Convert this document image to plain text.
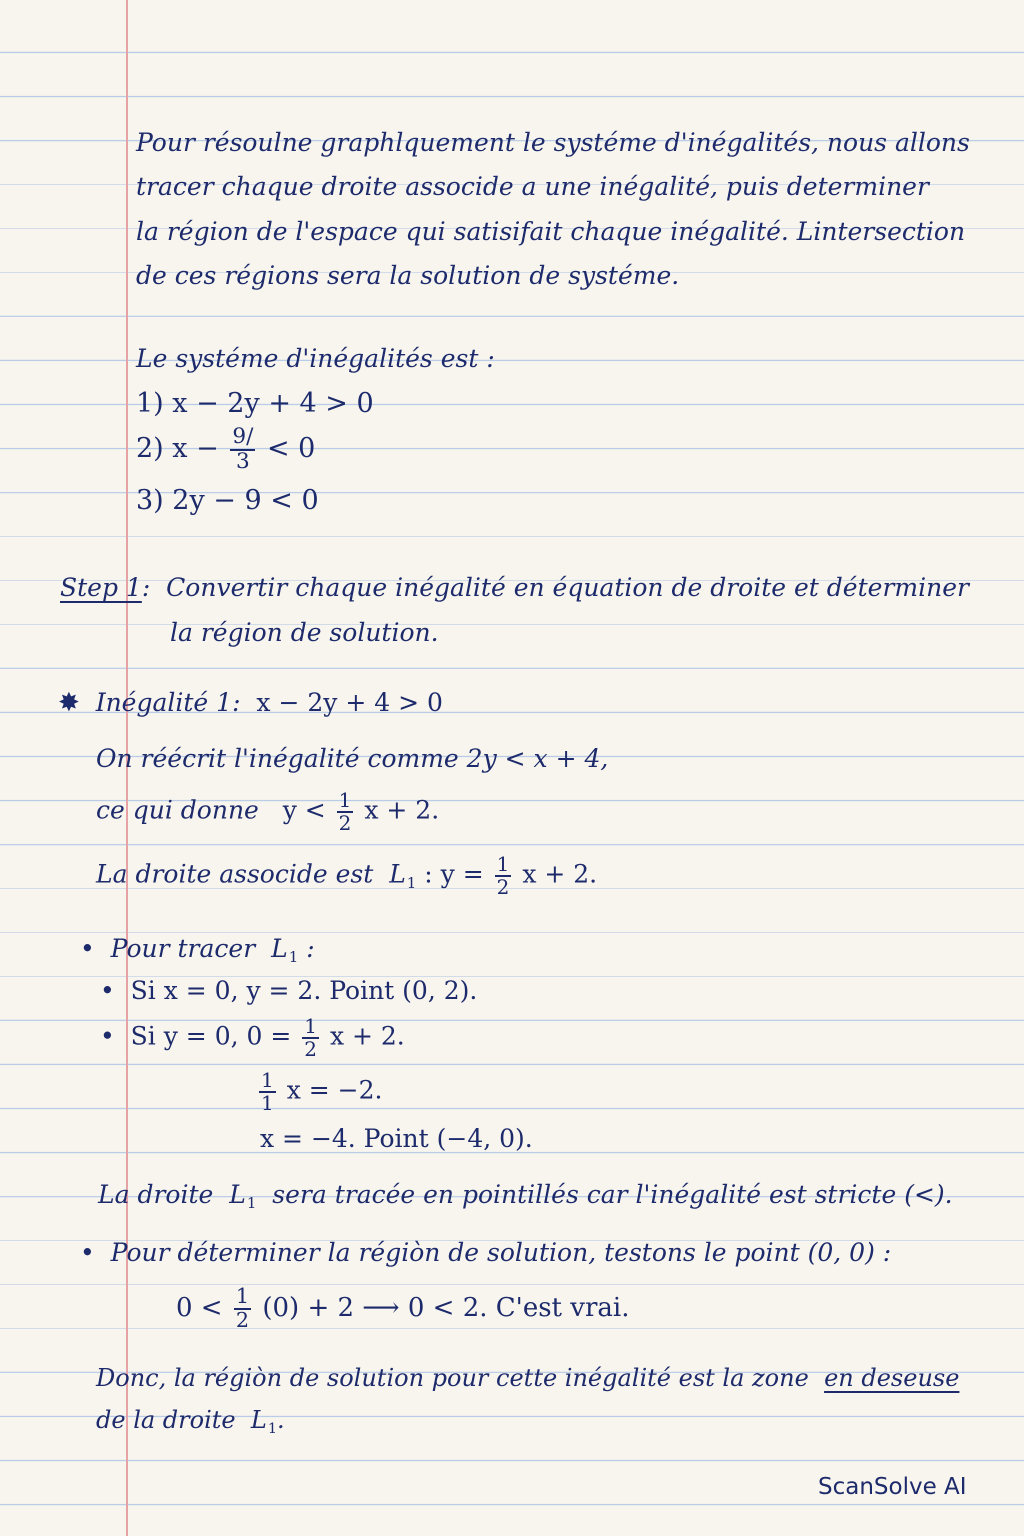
Pour résoulne graphlquement le systéme d'inégalités, nous allons
tracer chaque droite associde a une inégalité, puis determiner
la région de l'espace qui satisifait chaque inégalité. Lintersection
de ces régions sera la solution de systéme.
Le systéme d'inégalités est :
1) x − 2y + 4 > 0
2) $x - \frac{9/}{3} < 0$
3) 2y − 9 < 0
Step 1: Convertir chaque inégalité en équation de droite et déterminer
la région de solution.
✸ Inégalité 1: x − 2y + 4 > 0
On réécrit l'inégalité comme 2y < x + 4,
ce qui donne $y < \frac{1}{2}$ x + 2.
La droite associde est $L_1$ : $y = \frac{1}{2}$ x + 2.
• Pour tracer $L_1$ :
• Si x = 0, y = 2. Point (0, 2).
• Si y = 0, $0 = \frac{1}{2}$ x + 2.
$\frac{1}{1}$ x = −2.
x = −4. Point (−4, 0).
La droite $L_1$ sera tracée en pointillés car l'inégalité est stricte (<).
• Pour déterminer la régiòn de solution, testons le point (0, 0) :
$0 < \frac{1}{2} (0) + 2$ ⟶ 0 < 2. C'est vrai.
Donc, la régiòn de solution pour cette inégalité est la zone en deseuse
de la droite $L_1$.
ScanSolve AI
